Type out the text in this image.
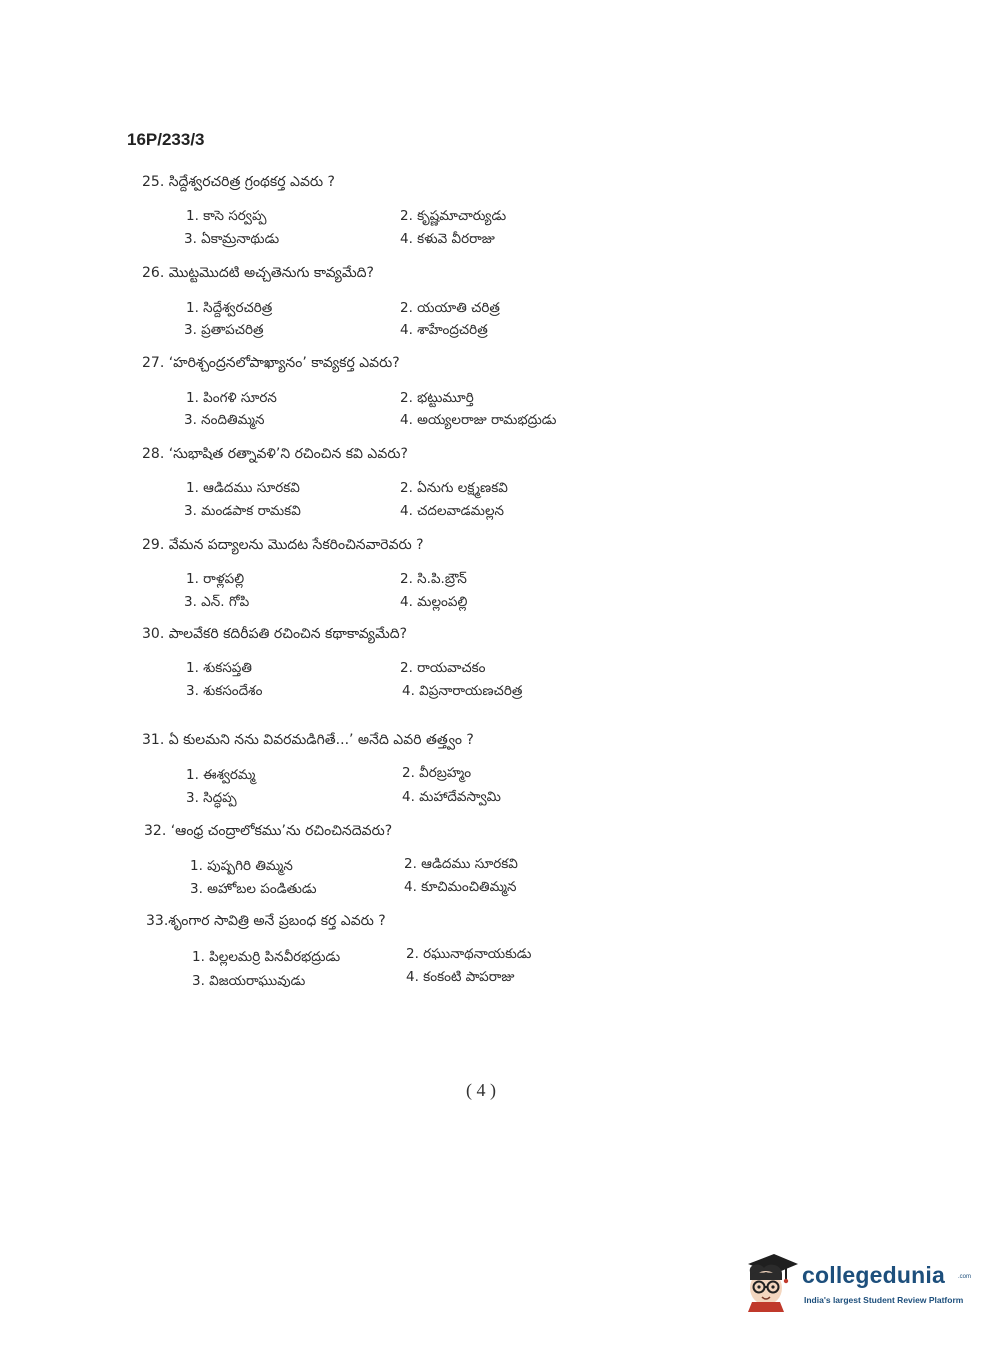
16P/233/3
25. సిద్దేశ్వరచరిత్ర గ్రంథకర్త ఎవరు ?
1. కాసె సర్వప్ప	2. కృష్ణమాచార్యుడు
3. ఏకామ్రనాథుడు	4. కళువె వీరరాజు
26. మొట్టమొదటి అచ్చతెనుగు కావ్యమేది?
1. సిద్దేశ్వరచరిత్ర	2. యయాతి చరిత్ర
3. ప్రతాపచరిత్ర	4. శాహేంద్రచరిత్ర
27. ‘హరిశ్చంద్రనలోపాఖ్యానం’ కావ్యకర్త ఎవరు?
1. పింగళి సూరన	2. భట్టుమూర్తి
3. నందితిమ్మన	4. అయ్యలరాజు రామభద్రుడు
28. ‘సుభాషిత రత్నావళి’ని రచించిన కవి ఎవరు?
1. ఆడిదము సూరకవి	2. ఏనుగు లక్ష్మణకవి
3. మండపాక రామకవి	4. చదలవాడమల్లన
29. వేమన పద్యాలను మొదట సేకరించినవారెవరు ?
1. రాళ్లపల్లి	2. సి.పి.బ్రౌన్
3. ఎన్. గోపి	4. మల్లంపల్లి
30. పాలవేకరి కదిరీపతి రచించిన కథాకావ్యమేది?
1. శుకసప్తతి	2. రాయవాచకం
3. శుకసందేశం	4. విప్రనారాయణచరిత్ర
31. ఏ కులమని నను వివరమడిగితే...’ అనేది ఎవరి తత్త్వం ?
1. ఈశ్వరమ్మ	2. వీరబ్రహ్మం
3. సిద్ధప్ప	4. మహాదేవస్వామి
32. ‘ఆంధ్ర చంద్రాలోకము’ను రచించినదెవరు?
1. పుష్పగిరి తిమ్మన	2. ఆడిదము సూరకవి
3. అహోబల పండితుడు	4. కూచిమంచితిమ్మన
33.శృంగార సావిత్రి అనే ప్రబంధ కర్త ఎవరు ?
1. పిల్లలమర్రి పినవీరభద్రుడు	2. రఘునాథనాయకుడు
3. విజయరాఘువుడు	4. కంకంటి పాపరాజు
( 4 )
collegedunia .com
India's largest Student Review Platform
